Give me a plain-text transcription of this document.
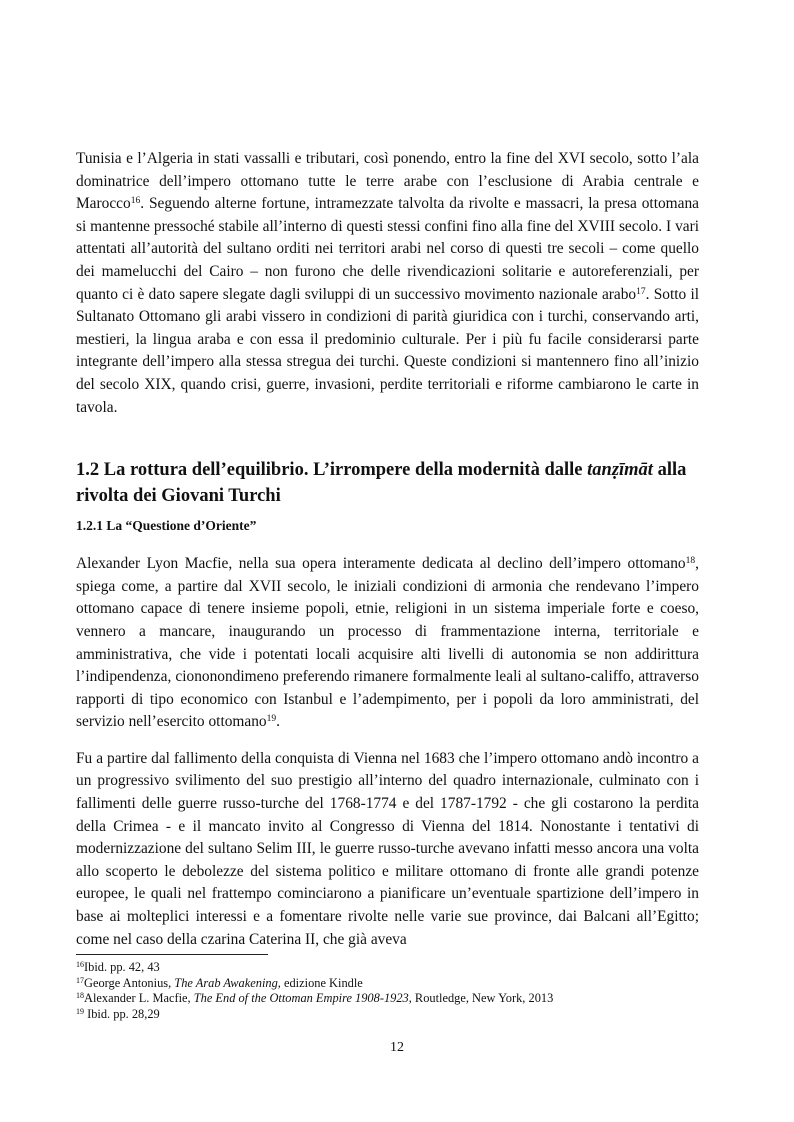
Tunisia e l’Algeria in stati vassalli e tributari, così ponendo, entro la fine del XVI secolo, sotto l’ala dominatrice dell’impero ottomano tutte le terre arabe con l’esclusione di Arabia centrale e Marocco$^{16}$. Seguendo alterne fortune, intramezzate talvolta da rivolte e massacri, la presa ottomana si mantenne pressoché stabile all’interno di questi stessi confini fino alla fine del XVIII secolo. I vari attentati all’autorità del sultano orditi nei territori arabi nel corso di questi tre secoli – come quello dei mamelucchi del Cairo – non furono che delle rivendicazioni solitarie e autoreferenziali, per quanto ci è dato sapere slegate dagli sviluppi di un successivo movimento nazionale arabo$^{17}$. Sotto il Sultanato Ottomano gli arabi vissero in condizioni di parità giuridica con i turchi, conservando arti, mestieri, la lingua araba e con essa il predominio culturale. Per i più fu facile considerarsi parte integrante dell’impero alla stessa stregua dei turchi. Queste condizioni si mantennero fino all’inizio del secolo XIX, quando crisi, guerre, invasioni, perdite territoriali e riforme cambiarono le carte in tavola.

1.2 La rottura dell’equilibrio. L’irrompere della modernità dalle tanẓīmāt alla rivolta dei Giovani Turchi
1.2.1 La “Questione d’Oriente”

Alexander Lyon Macfie, nella sua opera interamente dedicata al declino dell’impero ottomano$^{18}$, spiega come, a partire dal XVII secolo, le iniziali condizioni di armonia che rendevano l’impero ottomano capace di tenere insieme popoli, etnie, religioni in un sistema imperiale forte e coeso, vennero a mancare, inaugurando un processo di frammentazione interna, territoriale e amministrativa, che vide i potentati locali acquisire alti livelli di autonomia se non addirittura l’indipendenza, ciononondimeno preferendo rimanere formalmente leali al sultano-califfo, attraverso rapporti di tipo economico con Istanbul e l’adempimento, per i popoli da loro amministrati, del servizio nell’esercito ottomano$^{19}$.

Fu a partire dal fallimento della conquista di Vienna nel 1683 che l’impero ottomano andò incontro a un progressivo svilimento del suo prestigio all’interno del quadro internazionale, culminato con i fallimenti delle guerre russo-turche del 1768-1774 e del 1787-1792 - che gli costarono la perdita della Crimea - e il mancato invito al Congresso di Vienna del 1814. Nonostante i tentativi di modernizzazione del sultano Selim III, le guerre russo-turche avevano infatti messo ancora una volta allo scoperto le debolezze del sistema politico e militare ottomano di fronte alle grandi potenze europee, le quali nel frattempo cominciarono a pianificare un’eventuale spartizione dell’impero in base ai molteplici interessi e a fomentare rivolte nelle varie sue province, dai Balcani all’Egitto; come nel caso della czarina Caterina II, che già aveva

$^{16}$Ibid. pp. 42, 43
$^{17}$George Antonius, The Arab Awakening, edizione Kindle
$^{18}$Alexander L. Macfie, The End of the Ottoman Empire 1908-1923, Routledge, New York, 2013
$^{19}$ Ibid. pp. 28,29
12
